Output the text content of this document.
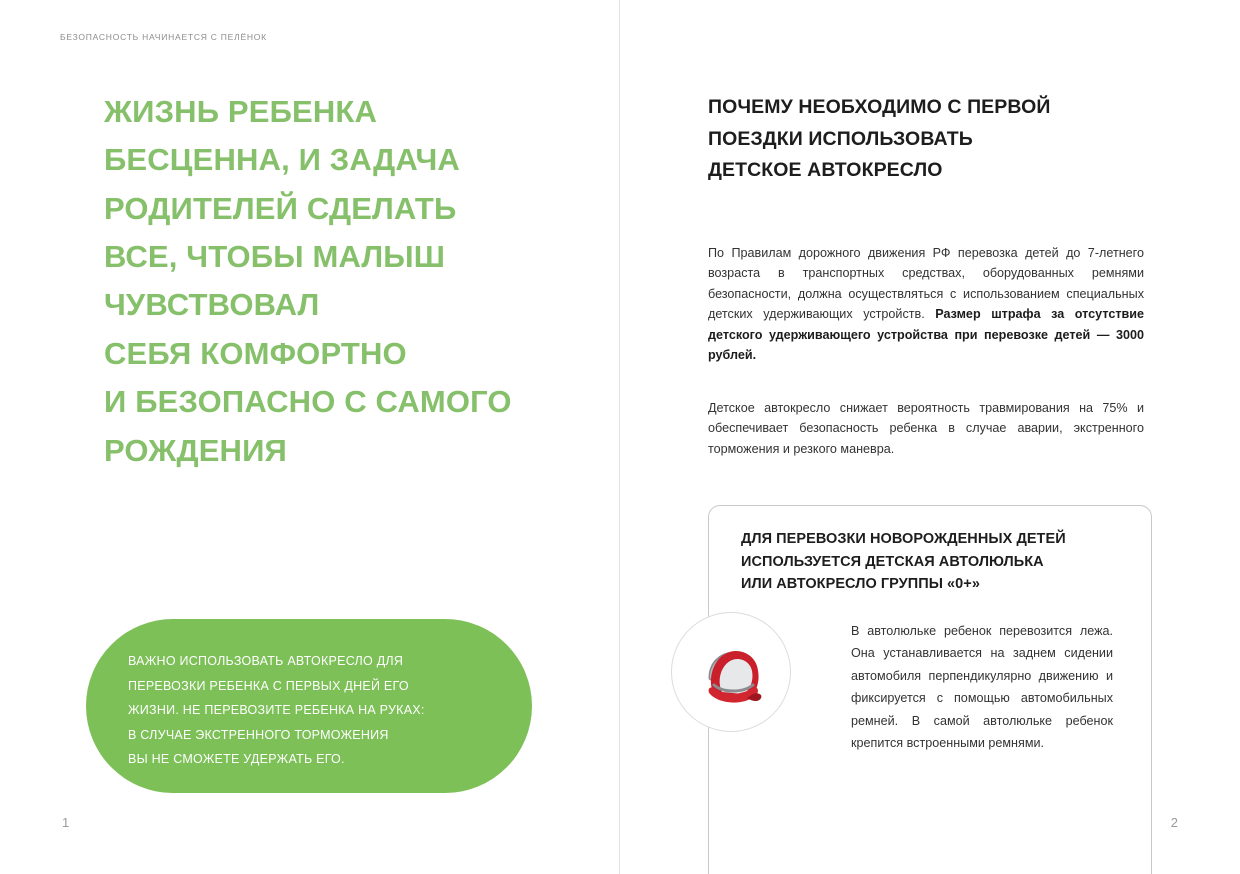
БЕЗОПАСНОСТЬ НАЧИНАЕТСЯ С ПЕЛЁНОК
ЖИЗНЬ РЕБЕНКА
БЕСЦЕННА, И ЗАДАЧА
РОДИТЕЛЕЙ СДЕЛАТЬ
ВСЕ, ЧТОБЫ МАЛЫШ
ЧУВСТВОВАЛ
СЕБЯ КОМФОРТНО
И БЕЗОПАСНО С САМОГО
РОЖДЕНИЯ
ВАЖНО ИСПОЛЬЗОВАТЬ АВТОКРЕСЛО ДЛЯ
ПЕРЕВОЗКИ РЕБЕНКА С ПЕРВЫХ ДНЕЙ ЕГО
ЖИЗНИ. НЕ ПЕРЕВОЗИТЕ РЕБЕНКА НА РУКАХ:
В СЛУЧАЕ ЭКСТРЕННОГО ТОРМОЖЕНИЯ
ВЫ НЕ СМОЖЕТЕ УДЕРЖАТЬ ЕГО.
1
ПОЧЕМУ НЕОБХОДИМО С ПЕРВОЙ
ПОЕЗДКИ ИСПОЛЬЗОВАТЬ
ДЕТСКОЕ АВТОКРЕСЛО
По Правилам дорожного движения РФ перевозка детей до 7-летнего возраста в транспортных средствах, оборудованных ремнями безопасности, должна осуществляться с использованием специальных детских удерживающих устройств. Размер штрафа за отсутствие детского удерживающего устройства при перевозке детей — 3000 рублей.
Детское автокресло снижает вероятность травмирования на 75% и обеспечивает безопасность ребенка в случае аварии, экстренного торможения и резкого маневра.
ДЛЯ ПЕРЕВОЗКИ НОВОРОЖДЕННЫХ ДЕТЕЙ
ИСПОЛЬЗУЕТСЯ ДЕТСКАЯ АВТОЛЮЛЬКА
ИЛИ АВТОКРЕСЛО ГРУППЫ «0+»
В автолюльке ребенок перевозится лежа. Она устанавливается на заднем сидении автомобиля перпендикулярно движению и фиксируется с помощью автомобильных ремней. В самой автолюльке ребенок крепится встроенными ремнями.
2
